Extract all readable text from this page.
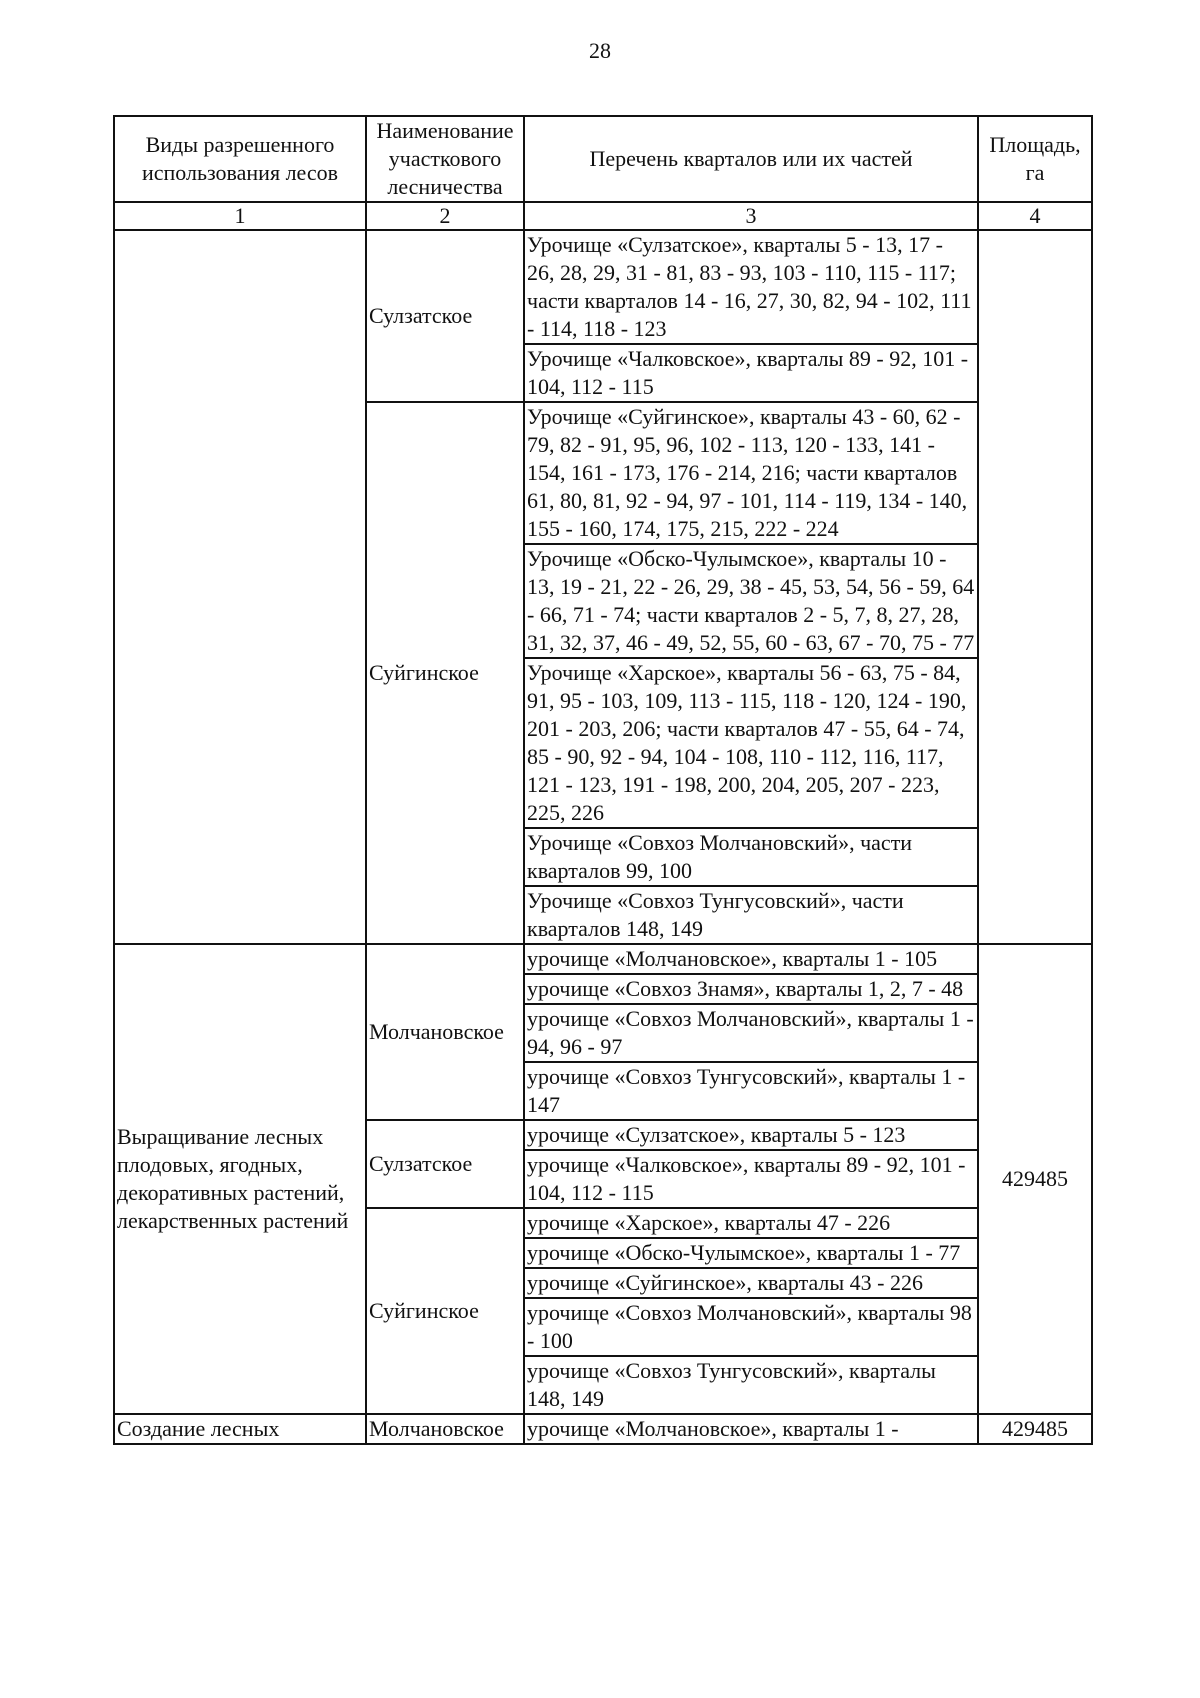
28
Виды разрешенного использования лесов	Наименование участкового лесничества	Перечень кварталов или их частей	Площадь, га
1	2	3	4
	Сулзатское	Урочище «Сулзатское», кварталы 5 - 13, 17 - 26, 28, 29, 31 - 81, 83 - 93, 103 - 110, 115 - 117; части кварталов 14 - 16, 27, 30, 82, 94 - 102, 111 - 114, 118 - 123	
		Урочище «Чалковское», кварталы 89 - 92, 101 - 104, 112 - 115	
	Суйгинское	Урочище «Суйгинское», кварталы 43 - 60, 62 - 79, 82 - 91, 95, 96, 102 - 113, 120 - 133, 141 - 154, 161 - 173, 176 - 214, 216; части кварталов 61, 80, 81, 92 - 94, 97 - 101, 114 - 119, 134 - 140, 155 - 160, 174, 175, 215, 222 - 224	
		Урочище «Обско-Чулымское», кварталы 10 - 13, 19 - 21, 22 - 26, 29, 38 - 45, 53, 54, 56 - 59, 64 - 66, 71 - 74; части кварталов 2 - 5, 7, 8, 27, 28, 31, 32, 37, 46 - 49, 52, 55, 60 - 63, 67 - 70, 75 - 77	
		Урочище «Харское», кварталы 56 - 63, 75 - 84, 91, 95 - 103, 109, 113 - 115, 118 - 120, 124 - 190, 201 - 203, 206; части кварталов 47 - 55, 64 - 74, 85 - 90, 92 - 94, 104 - 108, 110 - 112, 116, 117, 121 - 123, 191 - 198, 200, 204, 205, 207 - 223, 225, 226	
		Урочище «Совхоз Молчановский», части кварталов 99, 100	
		Урочище «Совхоз Тунгусовский», части кварталов 148, 149	
Выращивание лесных плодовых, ягодных, декоративных растений, лекарственных растений	Молчановское	урочище «Молчановское», кварталы 1 - 105	429485
		урочище «Совхоз Знамя», кварталы 1, 2, 7 - 48	
		урочище «Совхоз Молчановский», кварталы 1 - 94, 96 - 97	
		урочище «Совхоз Тунгусовский», кварталы 1 - 147	
	Сулзатское	урочище «Сулзатское», кварталы 5 - 123	
		урочище «Чалковское», кварталы 89 - 92, 101 - 104, 112 - 115	
	Суйгинское	урочище «Харское», кварталы 47 - 226	
		урочище «Обско-Чулымское», кварталы 1 - 77	
		урочище «Суйгинское», кварталы 43 - 226	
		урочище «Совхоз Молчановский», кварталы 98 - 100	
		урочище «Совхоз Тунгусовский», кварталы 148, 149	
Создание лесных	Молчановское	урочище «Молчановское», кварталы 1 -	429485
